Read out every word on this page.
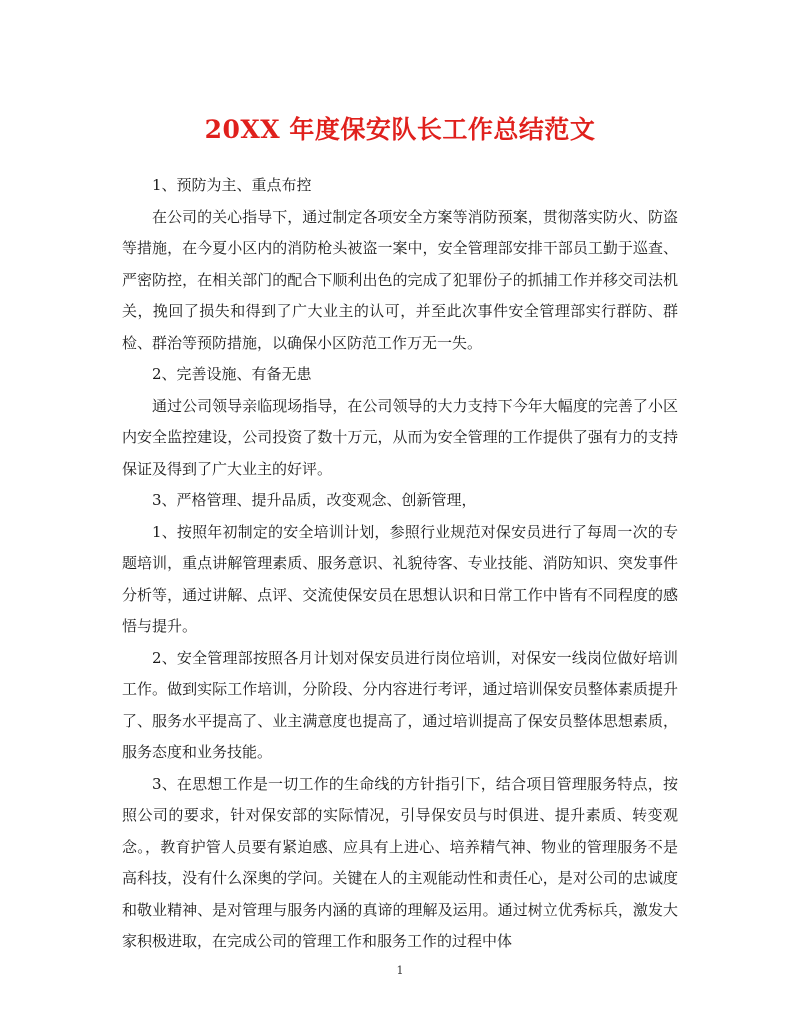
20XX 年度保安队长工作总结范文

1、预防为主、重点布控

在公司的关心指导下，通过制定各项安全方案等消防预案，贯彻落实防火、防盗等措施，在今夏小区内的消防枪头被盗一案中，安全管理部安排干部员工勤于巡查、严密防控，在相关部门的配合下顺利出色的完成了犯罪份子的抓捕工作并移交司法机关，挽回了损失和得到了广大业主的认可，并至此次事件安全管理部实行群防、群检、群治等预防措施，以确保小区防范工作万无一失。

2、完善设施、有备无患

通过公司领导亲临现场指导，在公司领导的大力支持下今年大幅度的完善了小区内安全监控建设，公司投资了数十万元，从而为安全管理的工作提供了强有力的支持保证及得到了广大业主的好评。

3、严格管理、提升品质，改变观念、创新管理，

1、按照年初制定的安全培训计划，参照行业规范对保安员进行了每周一次的专题培训，重点讲解管理素质、服务意识、礼貌待客、专业技能、消防知识、突发事件分析等，通过讲解、点评、交流使保安员在思想认识和日常工作中皆有不同程度的感悟与提升。

2、安全管理部按照各月计划对保安员进行岗位培训，对保安一线岗位做好培训工作。做到实际工作培训，分阶段、分内容进行考评，通过培训保安员整体素质提升了、服务水平提高了、业主满意度也提高了，通过培训提高了保安员整体思想素质，服务态度和业务技能。

3、在思想工作是一切工作的生命线的方针指引下，结合项目管理服务特点，按照公司的要求，针对保安部的实际情况，引导保安员与时俱进、提升素质、转变观念。，教育护管人员要有紧迫感、应具有上进心、培养精气神、物业的管理服务不是高科技，没有什么深奥的学问。关键在人的主观能动性和责任心，是对公司的忠诚度和敬业精神、是对管理与服务内涵的真谛的理解及运用。通过树立优秀标兵，激发大家积极进取，在完成公司的管理工作和服务工作的过程中体

1
